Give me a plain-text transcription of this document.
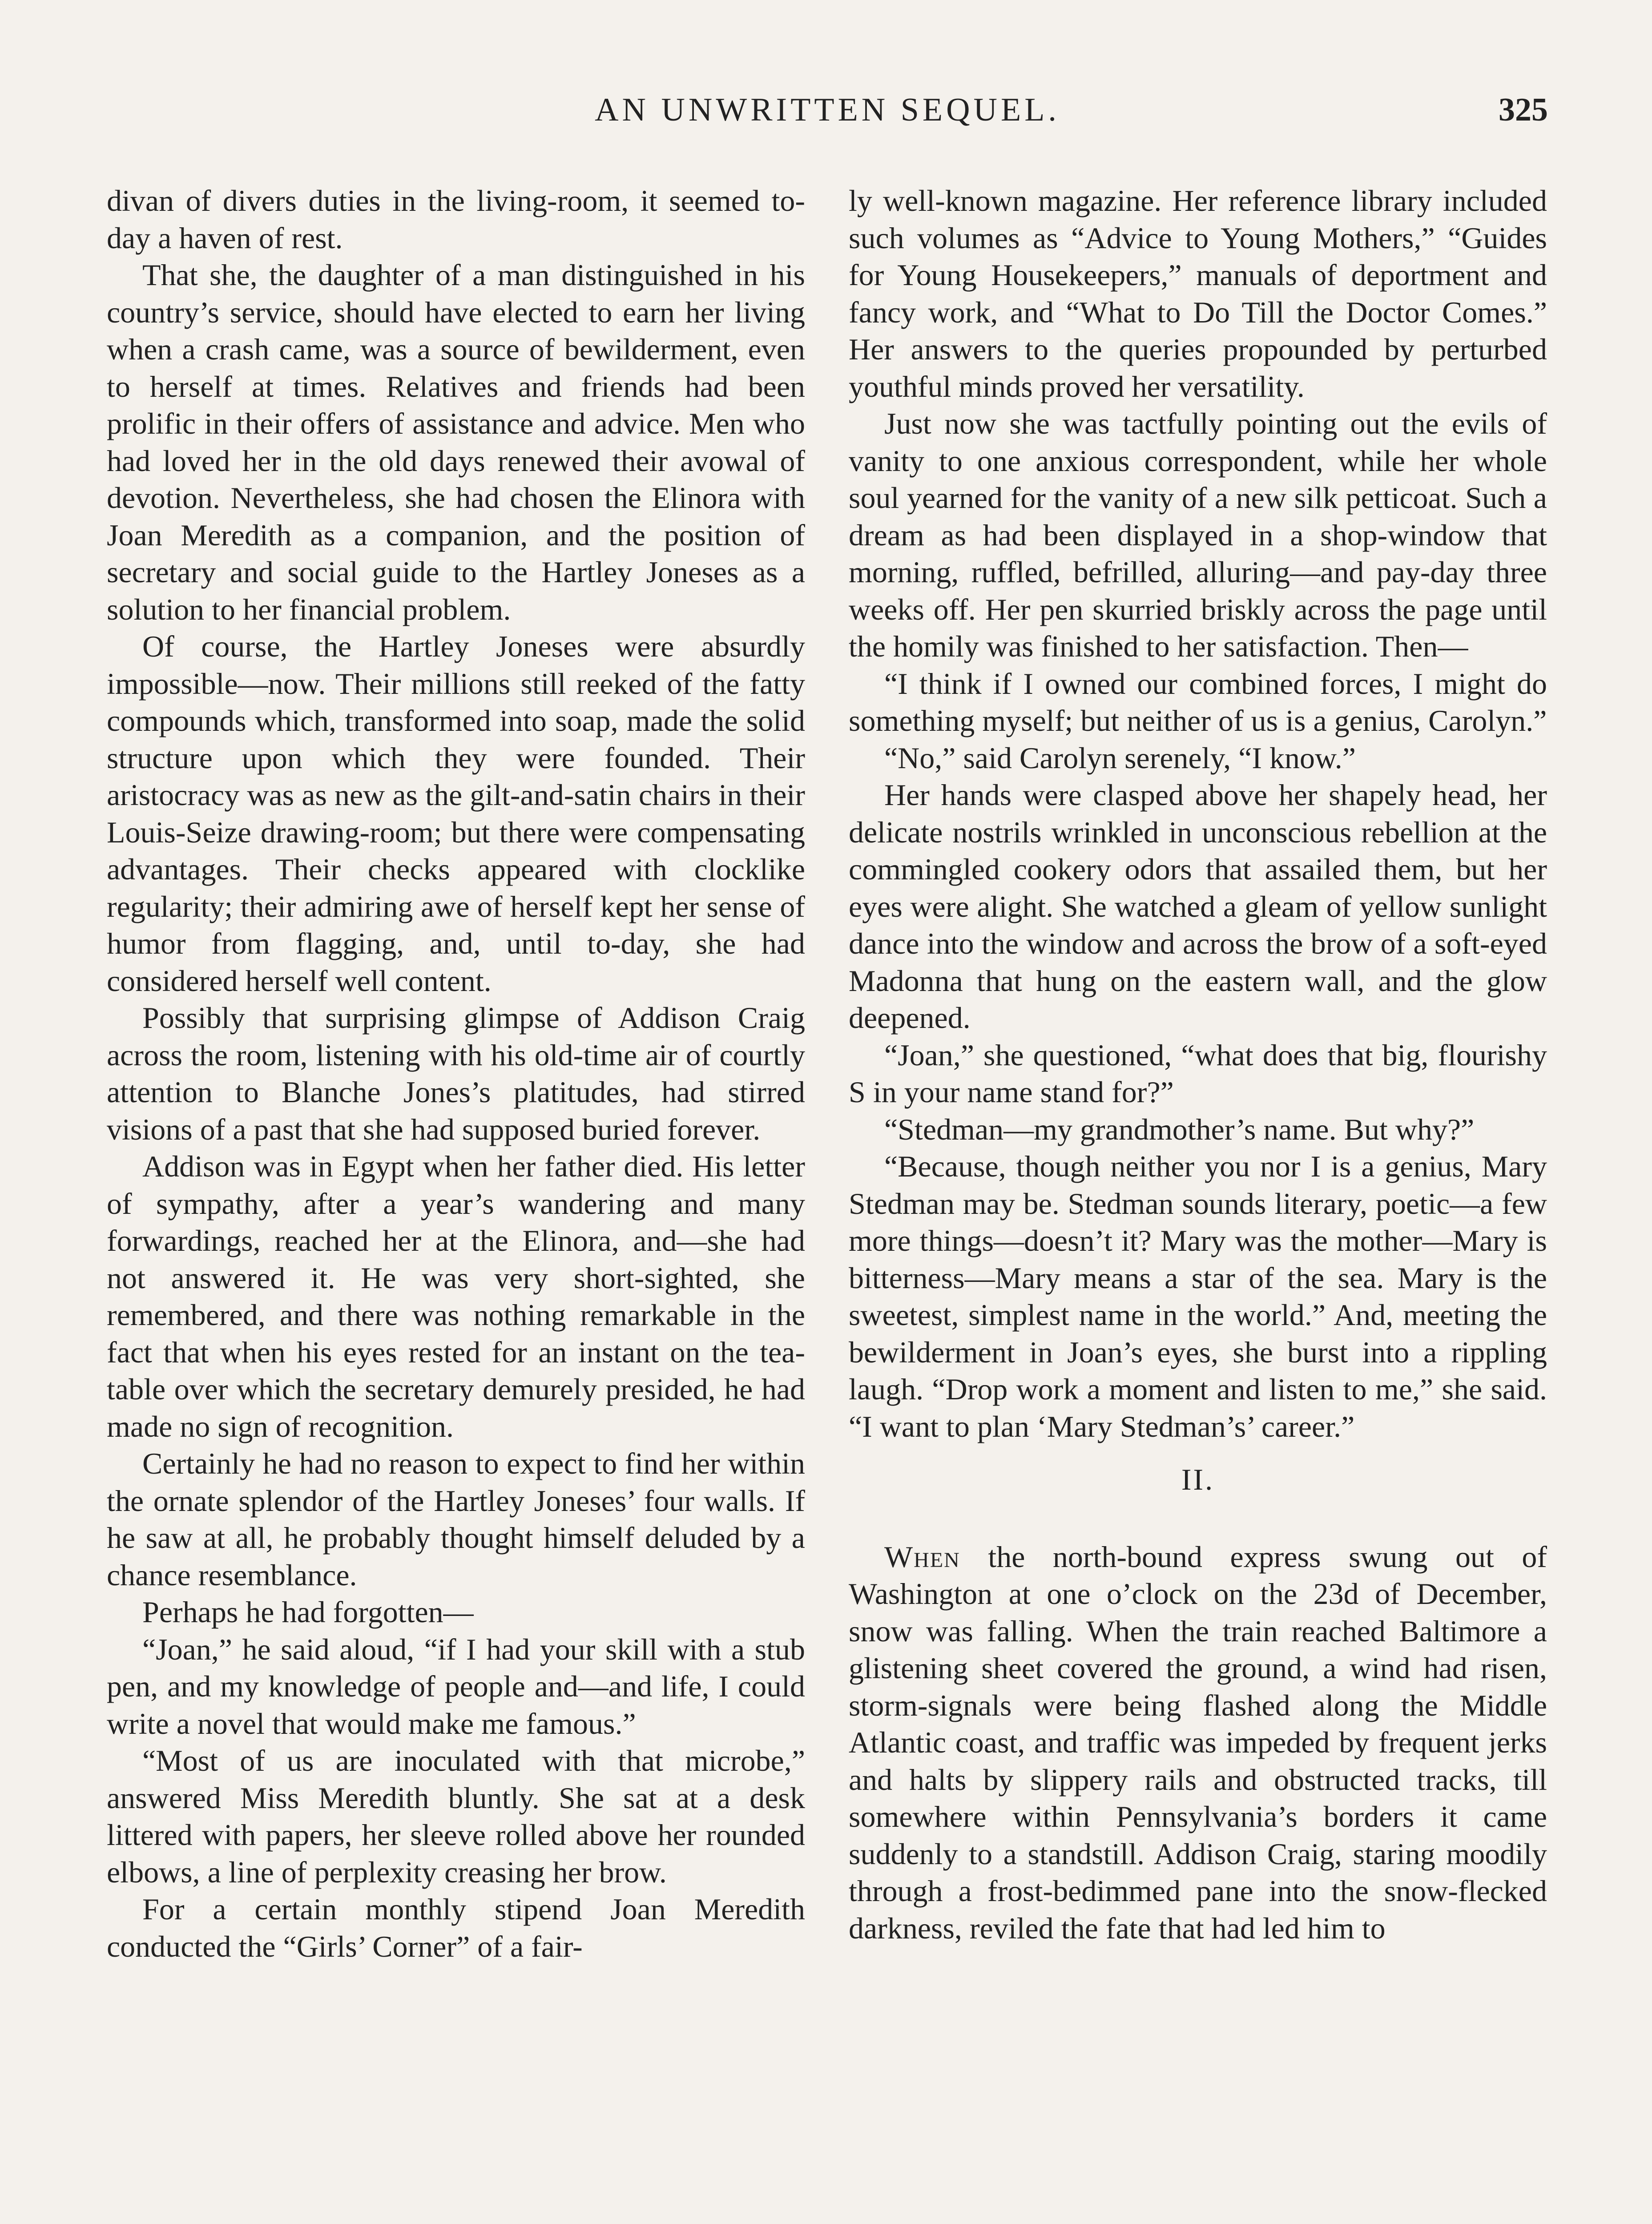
AN UNWRITTEN SEQUEL.	325

divan of divers duties in the living-room, it seemed to-day a haven of rest.

That she, the daughter of a man distinguished in his country’s service, should have elected to earn her living when a crash came, was a source of bewilderment, even to herself at times. Relatives and friends had been prolific in their offers of assistance and advice. Men who had loved her in the old days renewed their avowal of devotion. Nevertheless, she had chosen the Elinora with Joan Meredith as a companion, and the position of secretary and social guide to the Hartley Joneses as a solution to her financial problem.

Of course, the Hartley Joneses were absurdly impossible—now. Their millions still reeked of the fatty compounds which, transformed into soap, made the solid structure upon which they were founded. Their aristocracy was as new as the gilt-and-satin chairs in their Louis-Seize drawing-room; but there were compensating advantages. Their checks appeared with clocklike regularity; their admiring awe of herself kept her sense of humor from flagging, and, until to-day, she had considered herself well content.

Possibly that surprising glimpse of Addison Craig across the room, listening with his old-time air of courtly attention to Blanche Jones’s platitudes, had stirred visions of a past that she had supposed buried forever.

Addison was in Egypt when her father died. His letter of sympathy, after a year’s wandering and many forwardings, reached her at the Elinora, and—she had not answered it. He was very short-sighted, she remembered, and there was nothing remarkable in the fact that when his eyes rested for an instant on the tea-table over which the secretary demurely presided, he had made no sign of recognition.

Certainly he had no reason to expect to find her within the ornate splendor of the Hartley Joneses’ four walls. If he saw at all, he probably thought himself deluded by a chance resemblance.

Perhaps he had forgotten—

“Joan,” he said aloud, “if I had your skill with a stub pen, and my knowledge of people and—and life, I could write a novel that would make me famous.”

“Most of us are inoculated with that microbe,” answered Miss Meredith bluntly. She sat at a desk littered with papers, her sleeve rolled above her rounded elbows, a line of perplexity creasing her brow.

For a certain monthly stipend Joan Meredith conducted the “Girls’ Corner” of a fair-

ly well-known magazine. Her reference library included such volumes as “Advice to Young Mothers,” “Guides for Young Housekeepers,” manuals of deportment and fancy work, and “What to Do Till the Doctor Comes.” Her answers to the queries propounded by perturbed youthful minds proved her versatility.

Just now she was tactfully pointing out the evils of vanity to one anxious correspondent, while her whole soul yearned for the vanity of a new silk petticoat. Such a dream as had been displayed in a shop-window that morning, ruffled, befrilled, alluring—and pay-day three weeks off. Her pen skurried briskly across the page until the homily was finished to her satisfaction. Then—

“I think if I owned our combined forces, I might do something myself; but neither of us is a genius, Carolyn.”

“No,” said Carolyn serenely, “I know.”

Her hands were clasped above her shapely head, her delicate nostrils wrinkled in unconscious rebellion at the commingled cookery odors that assailed them, but her eyes were alight. She watched a gleam of yellow sunlight dance into the window and across the brow of a soft-eyed Madonna that hung on the eastern wall, and the glow deepened.

“Joan,” she questioned, “what does that big, flourishy S in your name stand for?”

“Stedman—my grandmother’s name. But why?”

“Because, though neither you nor I is a genius, Mary Stedman may be. Stedman sounds literary, poetic—a few more things—doesn’t it? Mary was the mother—Mary is bitterness—Mary means a star of the sea. Mary is the sweetest, simplest name in the world.” And, meeting the bewilderment in Joan’s eyes, she burst into a rippling laugh. “Drop work a moment and listen to me,” she said. “I want to plan ‘Mary Stedman’s’ career.”

II.

When the north-bound express swung out of Washington at one o’clock on the 23d of December, snow was falling. When the train reached Baltimore a glistening sheet covered the ground, a wind had risen, storm-signals were being flashed along the Middle Atlantic coast, and traffic was impeded by frequent jerks and halts by slippery rails and obstructed tracks, till somewhere within Pennsylvania’s borders it came suddenly to a standstill. Addison Craig, staring moodily through a frost-bedimmed pane into the snow-flecked darkness, reviled the fate that had led him to
